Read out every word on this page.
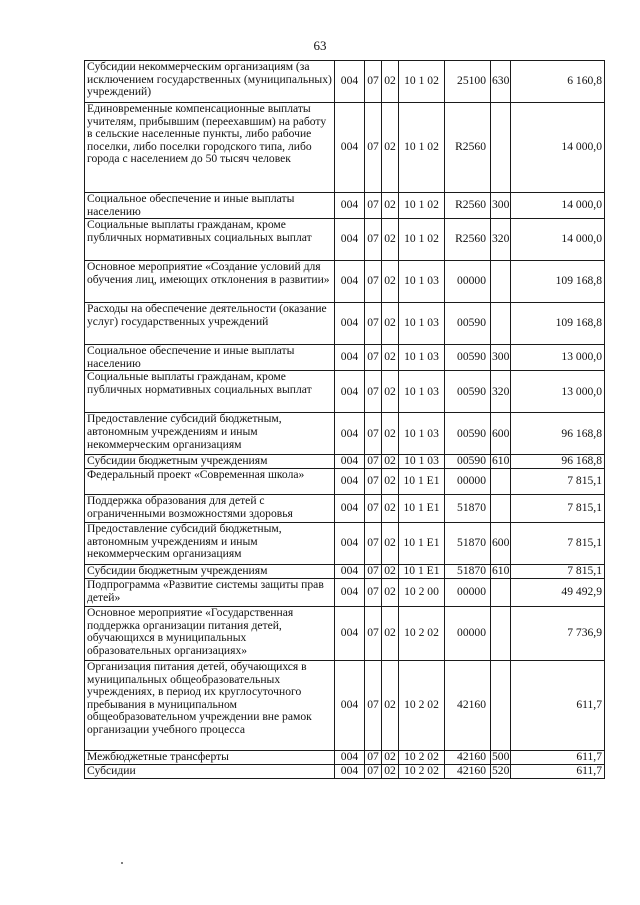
63
Субсидии некоммерческим организациям (за исключением государственных (муниципальных) учреждений)	004	07	02	10 1 02	25100	630	6 160,8
Единовременные компенсационные выплаты учителям, прибывшим (переехавшим) на работу в сельские населенные пункты, либо рабочие поселки, либо поселки городского типа, либо города с населением до 50 тысяч человек	004	07	02	10 1 02	R2560		14 000,0
Социальное обеспечение и иные выплаты населению	004	07	02	10 1 02	R2560	300	14 000,0
Социальные выплаты гражданам, кроме публичных нормативных социальных выплат	004	07	02	10 1 02	R2560	320	14 000,0
Основное мероприятие «Создание условий для обучения лиц, имеющих отклонения в развитии»	004	07	02	10 1 03	00000		109 168,8
Расходы на обеспечение деятельности (оказание услуг) государственных учреждений	004	07	02	10 1 03	00590		109 168,8
Социальное обеспечение и иные выплаты населению	004	07	02	10 1 03	00590	300	13 000,0
Социальные выплаты гражданам, кроме публичных нормативных социальных выплат	004	07	02	10 1 03	00590	320	13 000,0
Предоставление субсидий бюджетным, автономным учреждениям и иным некоммерческим организациям	004	07	02	10 1 03	00590	600	96 168,8
Субсидии бюджетным учреждениям	004	07	02	10 1 03	00590	610	96 168,8
Федеральный проект «Современная школа»	004	07	02	10 1 E1	00000		7 815,1
Поддержка образования для детей с ограниченными возможностями здоровья	004	07	02	10 1 E1	51870		7 815,1
Предоставление субсидий бюджетным, автономным учреждениям и иным некоммерческим организациям	004	07	02	10 1 E1	51870	600	7 815,1
Субсидии бюджетным учреждениям	004	07	02	10 1 E1	51870	610	7 815,1
Подпрограмма «Развитие системы защиты прав детей»	004	07	02	10 2 00	00000		49 492,9
Основное мероприятие «Государственная поддержка организации питания детей, обучающихся в муниципальных образовательных организациях»	004	07	02	10 2 02	00000		7 736,9
Организация питания детей, обучающихся в муниципальных общеобразовательных учреждениях, в период их круглосуточного пребывания в муниципальном общеобразовательном учреждении вне рамок организации учебного процесса	004	07	02	10 2 02	42160		611,7
Межбюджетные трансферты	004	07	02	10 2 02	42160	500	611,7
Субсидии	004	07	02	10 2 02	42160	520	611,7
